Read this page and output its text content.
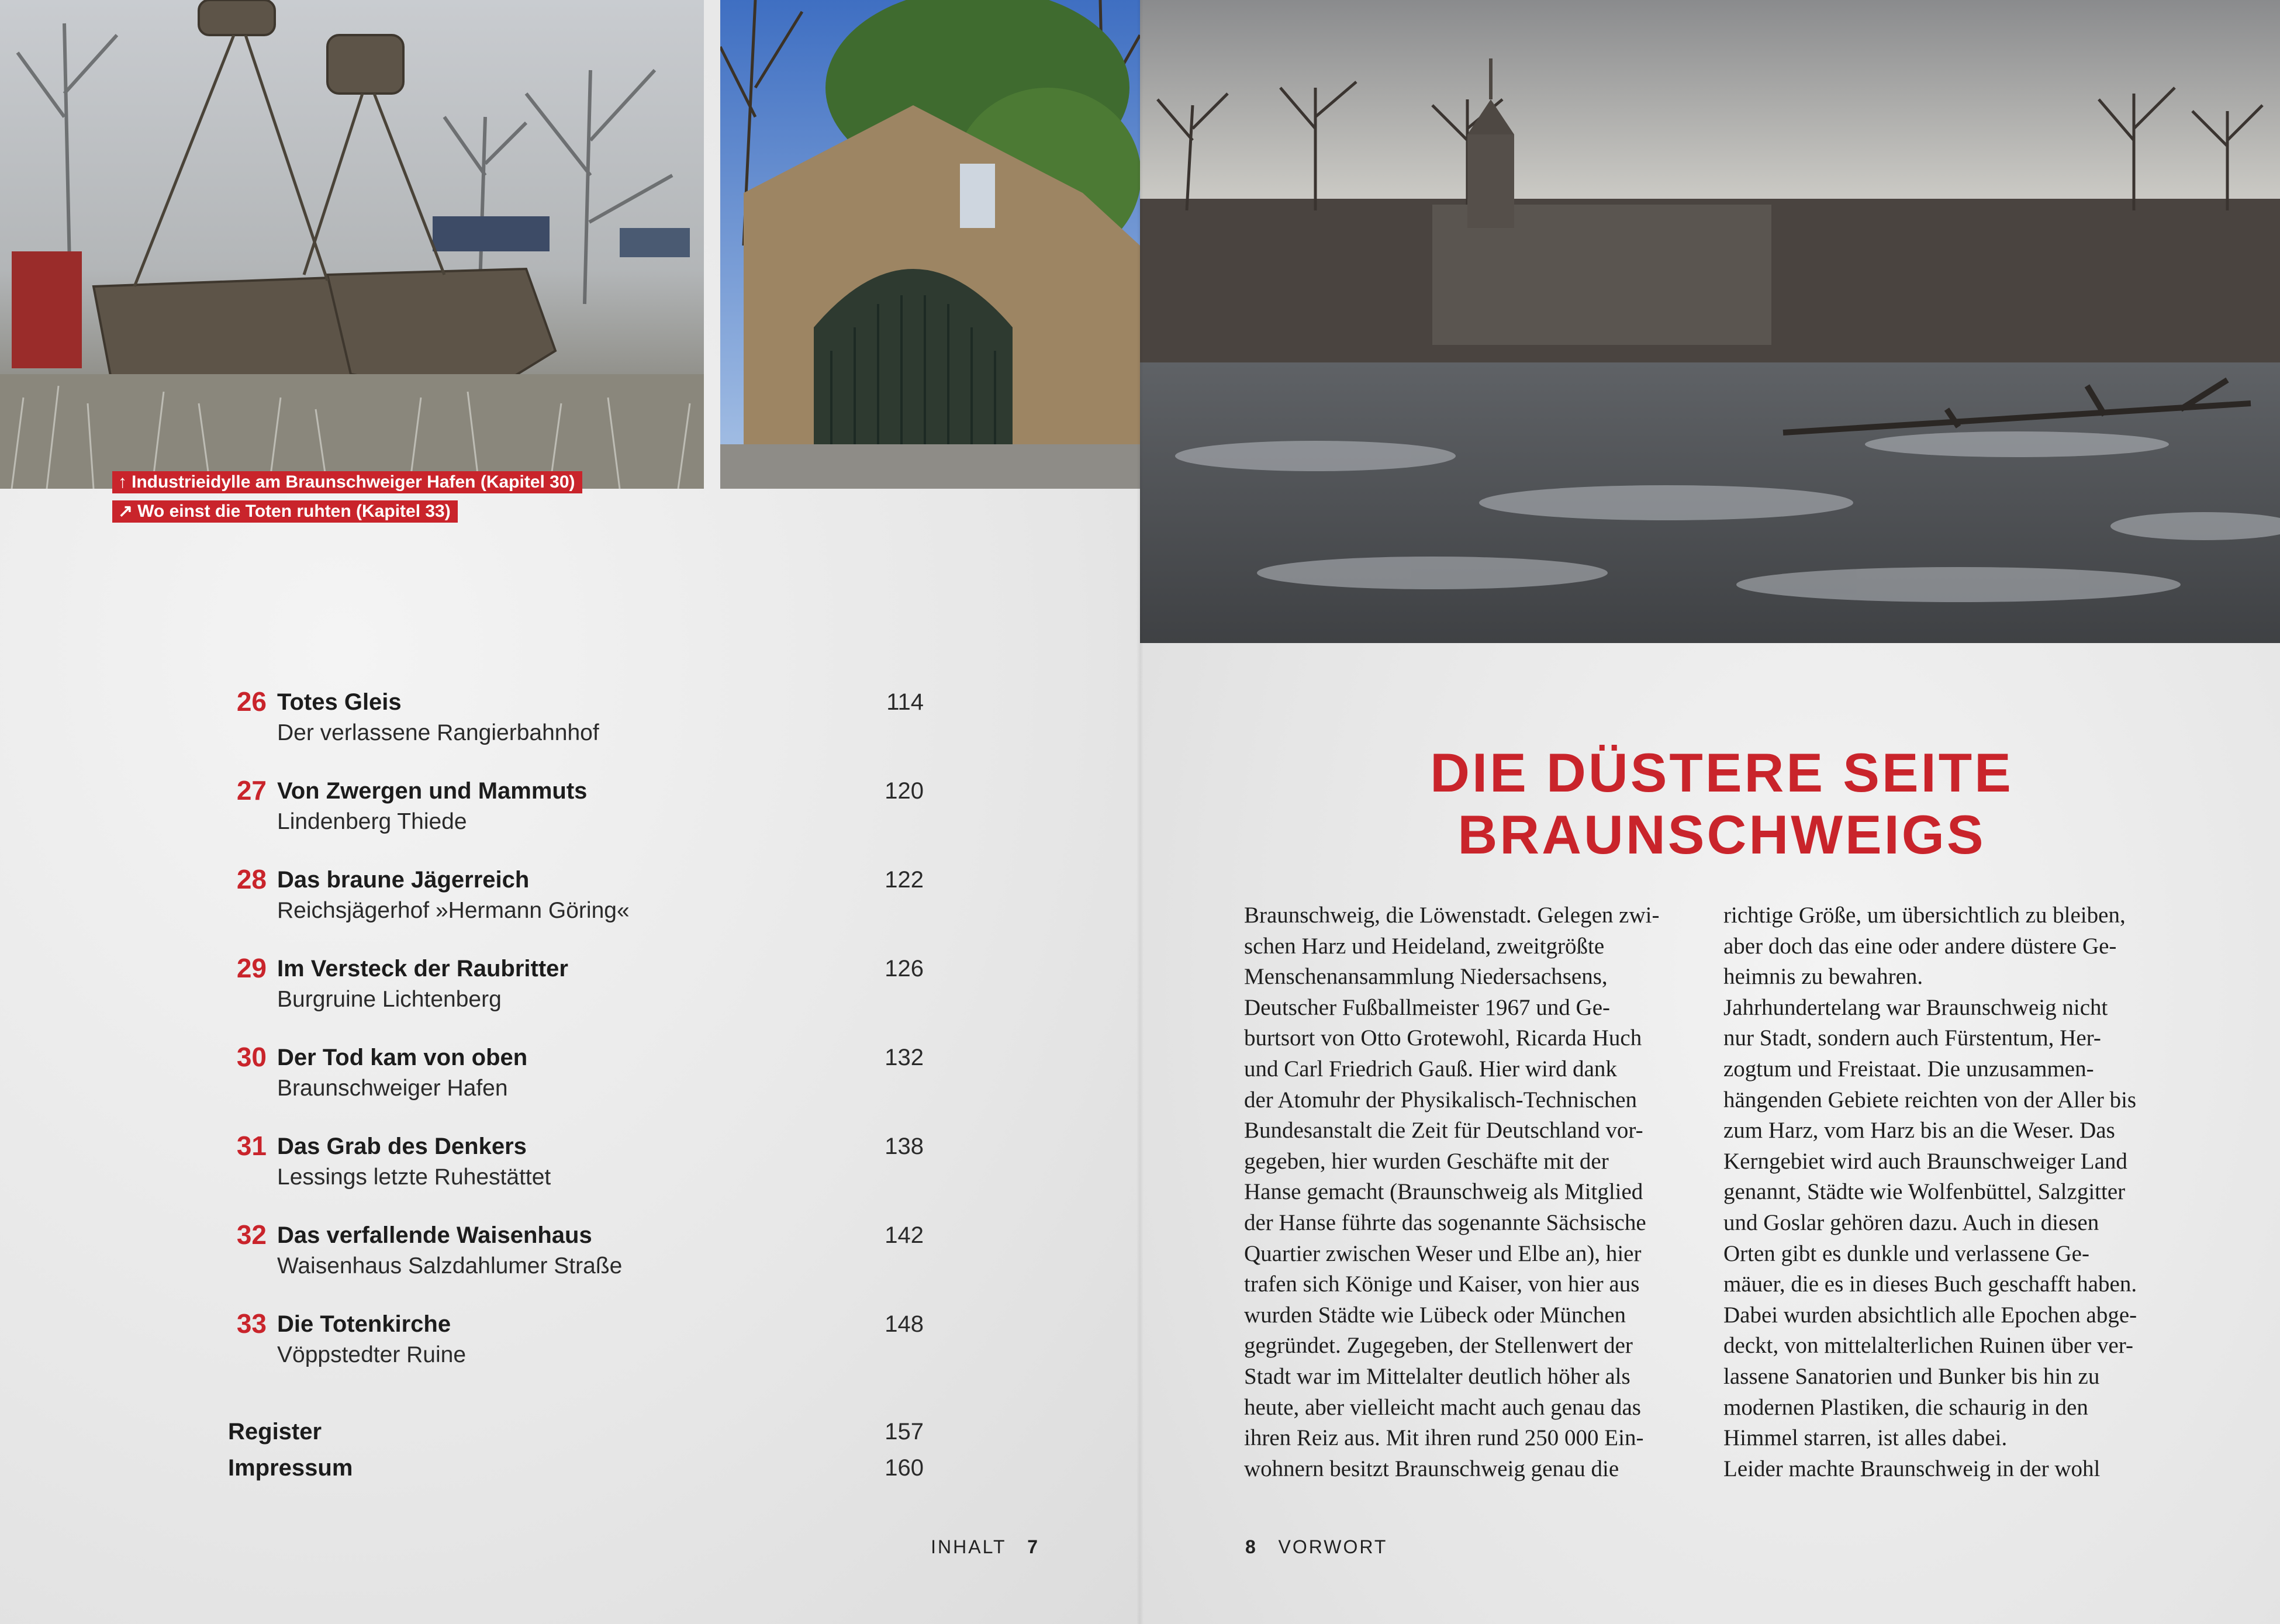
↑ Industrieidylle am Braunschweiger Hafen (Kapitel 30)
↗ Wo einst die Toten ruhten (Kapitel 33)
26 Totes Gleis
Der verlassene Rangierbahnhof
114
27 Von Zwergen und Mammuts
Lindenberg Thiede
120
28 Das braune Jägerreich
Reichsjägerhof »Hermann Göring«
122
29 Im Versteck der Raubritter
Burgruine Lichtenberg
126
30 Der Tod kam von oben
Braunschweiger Hafen
132
31 Das Grab des Denkers
Lessings letzte Ruhestättet
138
32 Das verfallende Waisenhaus
Waisenhaus Salzdahlumer Straße
142
33 Die Totenkirche
Vöppstedter Ruine
148
Register	157
Impressum	160
INHALT 7
DIE DÜSTERE SEITE
BRAUNSCHWEIGS
Braunschweig, die Löwenstadt. Gelegen zwi-
schen Harz und Heideland, zweitgrößte
Menschenansammlung Niedersachsens,
Deutscher Fußballmeister 1967 und Ge-
burtsort von Otto Grotewohl, Ricarda Huch
und Carl Friedrich Gauß. Hier wird dank
der Atomuhr der Physikalisch-Technischen
Bundesanstalt die Zeit für Deutschland vor-
gegeben, hier wurden Geschäfte mit der
Hanse gemacht (Braunschweig als Mitglied
der Hanse führte das sogenannte Sächsische
Quartier zwischen Weser und Elbe an), hier
trafen sich Könige und Kaiser, von hier aus
wurden Städte wie Lübeck oder München
gegründet. Zugegeben, der Stellenwert der
Stadt war im Mittelalter deutlich höher als
heute, aber vielleicht macht auch genau das
ihren Reiz aus. Mit ihren rund 250 000 Ein-
wohnern besitzt Braunschweig genau die
richtige Größe, um übersichtlich zu bleiben,
aber doch das eine oder andere düstere Ge-
heimnis zu bewahren.
Jahrhundertelang war Braunschweig nicht
nur Stadt, sondern auch Fürstentum, Her-
zogtum und Freistaat. Die unzusammen-
hängenden Gebiete reichten von der Aller bis
zum Harz, vom Harz bis an die Weser. Das
Kerngebiet wird auch Braunschweiger Land
genannt, Städte wie Wolfenbüttel, Salzgitter
und Goslar gehören dazu. Auch in diesen
Orten gibt es dunkle und verlassene Ge-
mäuer, die es in dieses Buch geschafft haben.
Dabei wurden absichtlich alle Epochen abge-
deckt, von mittelalterlichen Ruinen über ver-
lassene Sanatorien und Bunker bis hin zu
modernen Plastiken, die schaurig in den
Himmel starren, ist alles dabei.
Leider machte Braunschweig in der wohl
8 VORWORT
